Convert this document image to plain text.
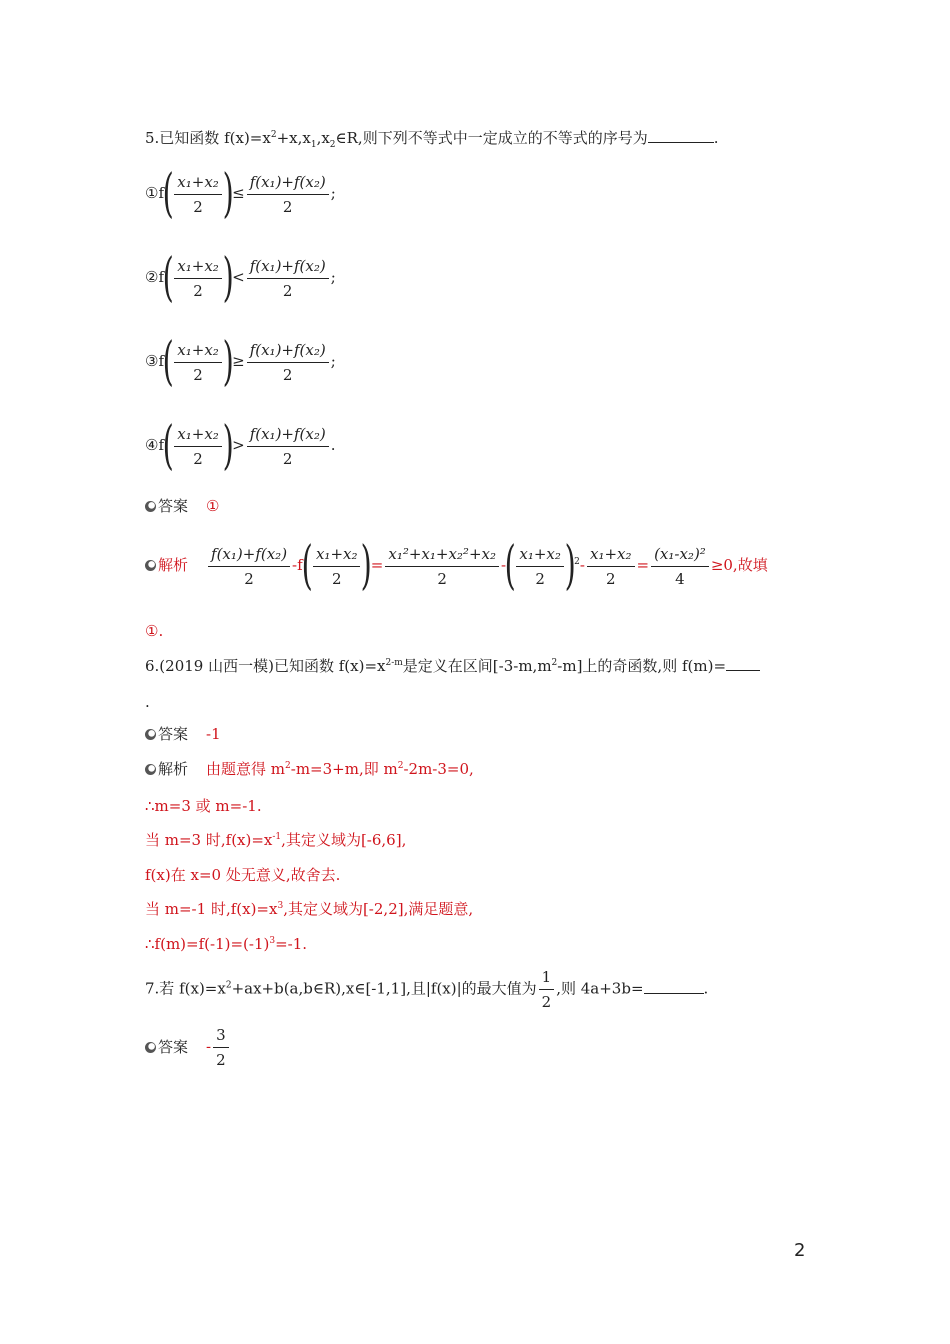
5.已知函数 $f(x)=x^2+x,x_1,x_2\in R$,则下列不等式中一定成立的不等式的序号为	.
①f( $\frac{\text{x₁+x₂}}{2}$ )≤ $\frac{\text{f(x₁)+f(x₂)}}{2}$ ;
②f( $\frac{\text{x₁+x₂}}{2}$ )< $\frac{\text{f(x₁)+f(x₂)}}{2}$ ;
③f( $\frac{\text{x₁+x₂}}{2}$ )≥ $\frac{\text{f(x₁)+f(x₂)}}{2}$ ;
④f( $\frac{\text{x₁+x₂}}{2}$ )> $\frac{\text{f(x₁)+f(x₂)}}{2}$ .
答案 ①
解析 $\frac{\text{f(x₁)+f(x₂)}}{2} -f( \frac{\text{x₁+x₂}}{2}$ )= $\frac{\text{x₁²+x₁+x₂²+x₂}}{2}$ -( $\frac{\text{x₁+x₂}}{2} )^2- \frac{\text{x₁+x₂}}{2} = \frac{\text{(x₁-x₂)²}}{4} \ge 0$,故填
①.
6.(2019 山西一模)已知函数 $f(x)=x^{2-m}$是定义在区间$[-3-m,m^2-m]$上的奇函数,则 f(m)=
.
答案 -1
解析 由题意得 $m^2-m=3+m$,即 $m^2-2m-3=0$,
∴m=3 或 m=-1.
当 m=3 时$,f(x)=x^{-1}$,其定义域为[-6,6],
f(x)在 x=0 处无意义,故舍去.
当 m=-1 时$,f(x)=x^3$,其定义域为[-2,2],满足题意,
$\therefore f(m)=f(-1)=(-1)^3=-1$.
7.若 $f(x)=x^2+ax+b(a,b\in R),x\in[-1,1]$,且|f(x)|的最大值为 $\frac{1}{2}$ ,则 4a+3b=	.
答案 - $\frac{3}{2}$
2
